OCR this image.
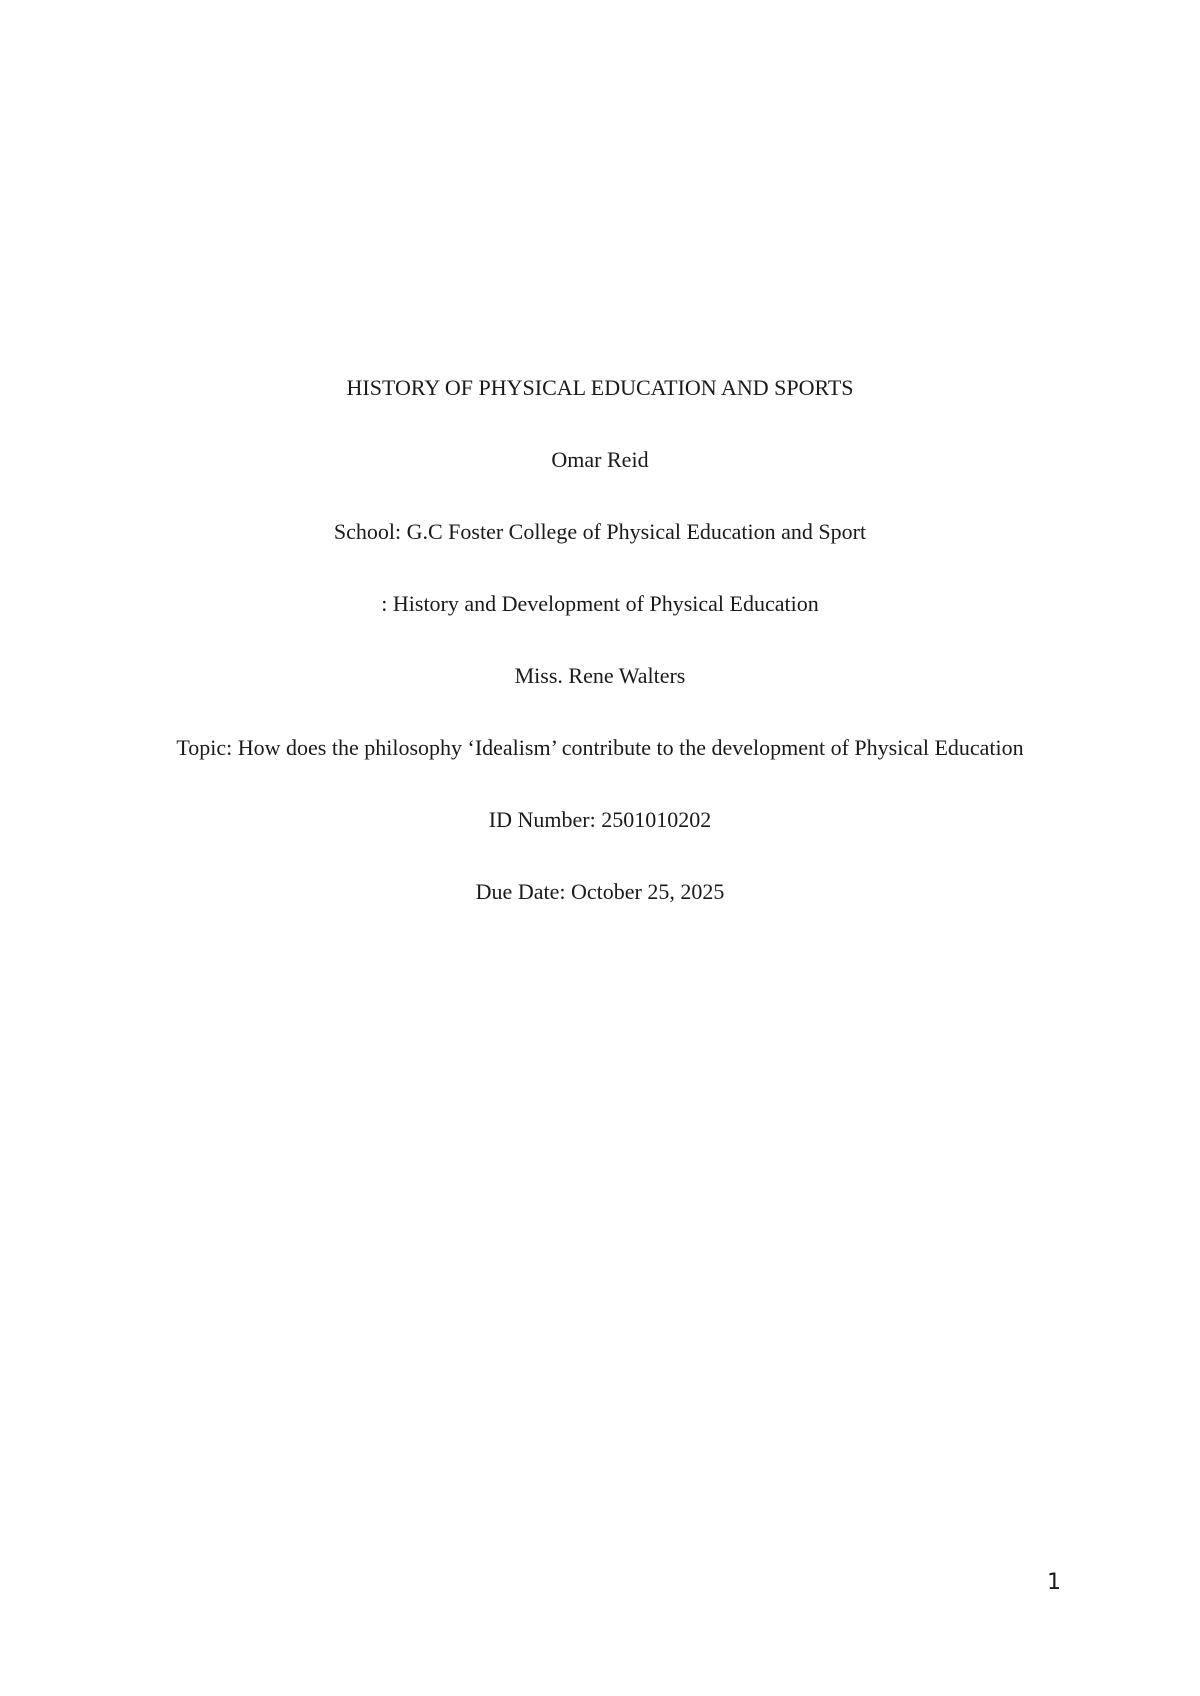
HISTORY OF PHYSICAL EDUCATION AND SPORTS

Omar Reid

School: G.C Foster College of Physical Education and Sport

: History and Development of Physical Education

Miss. Rene Walters

Topic: How does the philosophy ‘Idealism’ contribute to the development of Physical Education

ID Number: 2501010202

Due Date: October 25, 2025

1
